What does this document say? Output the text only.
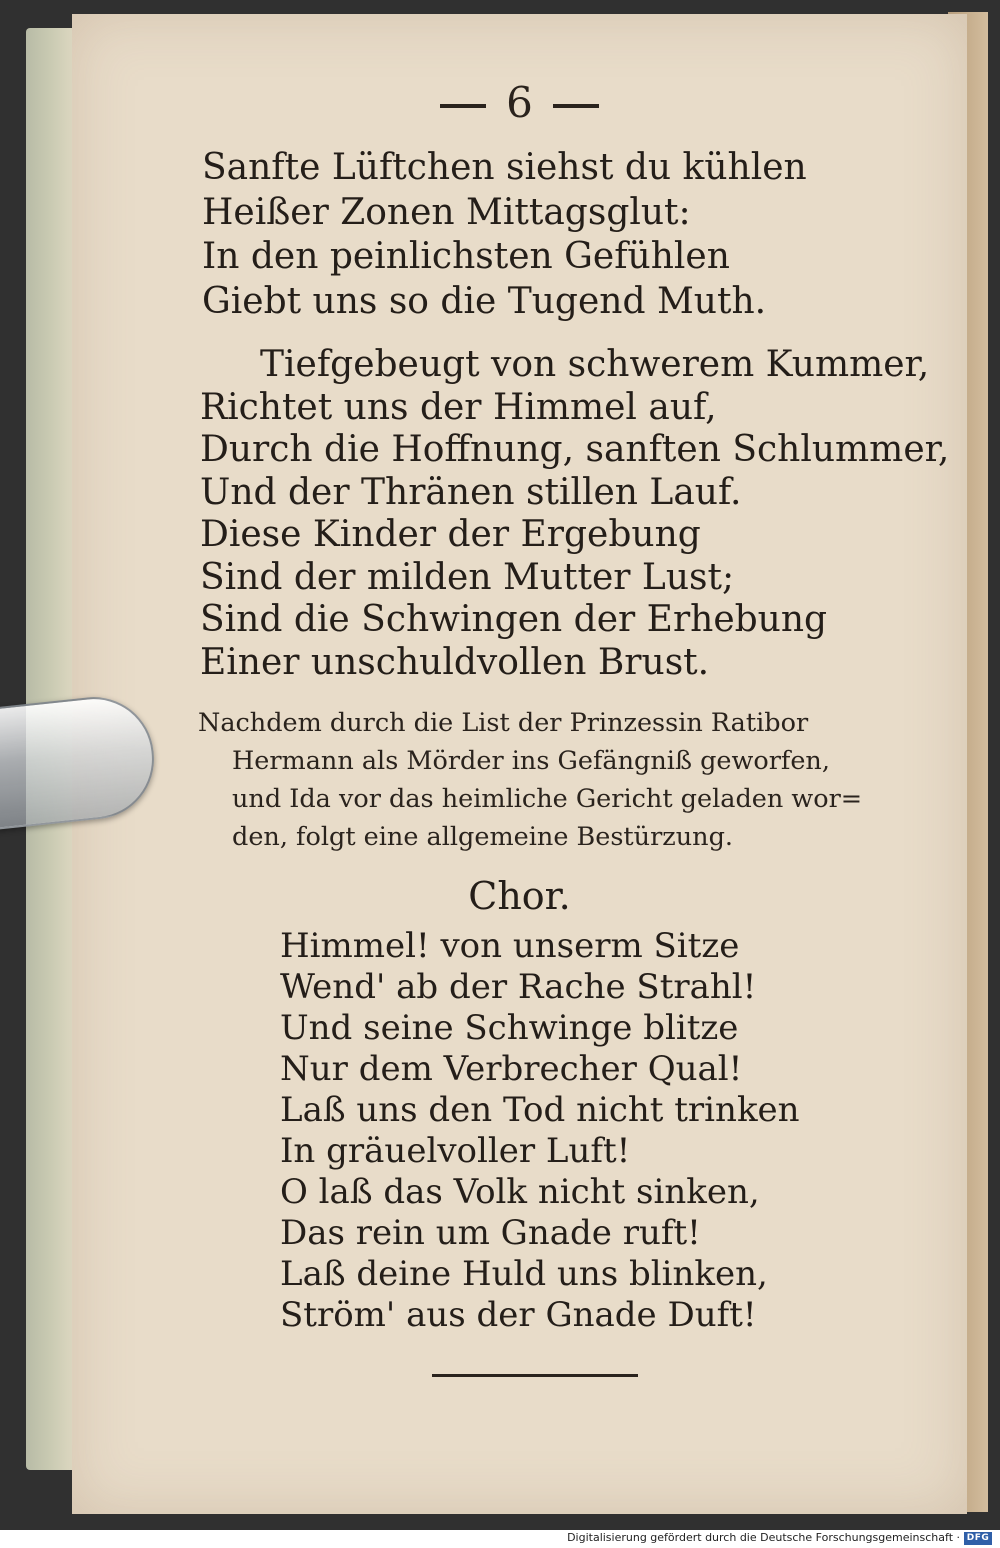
6
Sanfte Lüftchen siehst du kühlen
Heißer Zonen Mittagsglut:
In den peinlichsten Gefühlen
Giebt uns so die Tugend Muth.
Tiefgebeugt von schwerem Kummer,
Richtet uns der Himmel auf,
Durch die Hoffnung, sanften Schlummer,
Und der Thränen stillen Lauf.
Diese Kinder der Ergebung
Sind der milden Mutter Lust;
Sind die Schwingen der Erhebung
Einer unschuldvollen Brust.
Nachdem durch die List der Prinzessin Ratibor
Hermann als Mörder ins Gefängniß geworfen,
und Ida vor das heimliche Gericht geladen wor=
den, folgt eine allgemeine Bestürzung.
Chor.
Himmel! von unserm Sitze
Wend' ab der Rache Strahl!
Und seine Schwinge blitze
Nur dem Verbrecher Qual!
Laß uns den Tod nicht trinken
In gräuelvoller Luft!
O laß das Volk nicht sinken,
Das rein um Gnade ruft!
Laß deine Huld uns blinken,
Ström' aus der Gnade Duft!
Digitalisierung gefördert durch die Deutsche Forschungsgemeinschaft · DFG
